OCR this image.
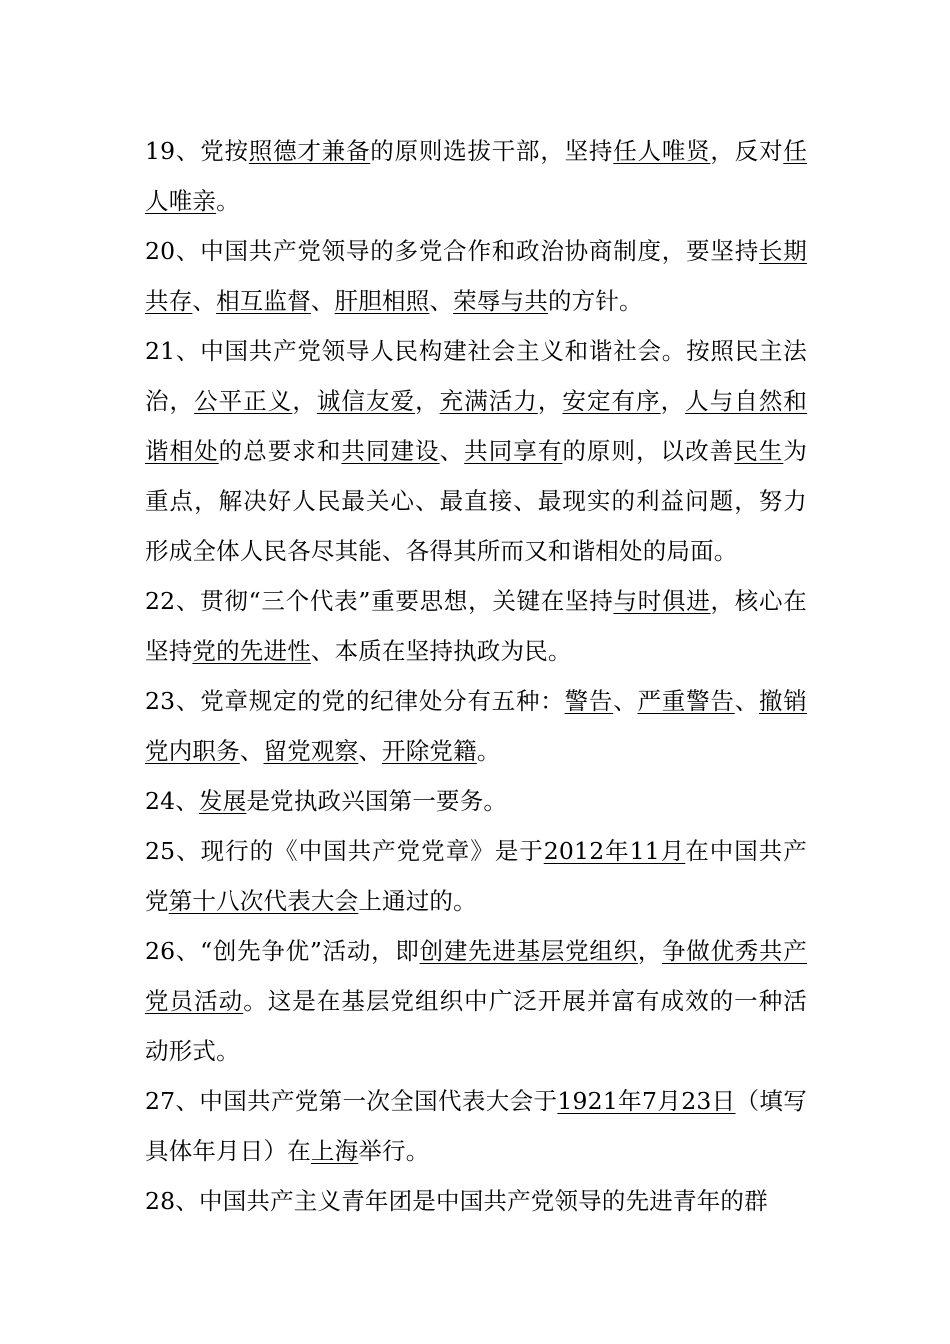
19、党按照德才兼备的原则选拔干部，坚持任人唯贤，反对任人唯亲。

20、中国共产党领导的多党合作和政治协商制度，要坚持长期共存、相互监督、肝胆相照、荣辱与共的方针。

21、中国共产党领导人民构建社会主义和谐社会。按照民主法治，公平正义，诚信友爱，充满活力，安定有序，人与自然和谐相处的总要求和共同建设、共同享有的原则，以改善民生为重点，解决好人民最关心、最直接、最现实的利益问题，努力形成全体人民各尽其能、各得其所而又和谐相处的局面。

22、贯彻“三个代表”重要思想，关键在坚持与时俱进，核心在坚持党的先进性、本质在坚持执政为民。

23、党章规定的党的纪律处分有五种：警告、严重警告、撤销党内职务、留党观察、开除党籍。

24、发展是党执政兴国第一要务。

25、现行的《中国共产党党章》是于2012年11月在中国共产党第十八次代表大会上通过的。

26、“创先争优”活动，即创建先进基层党组织，争做优秀共产党员活动。这是在基层党组织中广泛开展并富有成效的一种活动形式。

27、中国共产党第一次全国代表大会于1921年7月23日（填写具体年月日）在上海举行。

28、中国共产主义青年团是中国共产党领导的先进青年的群
